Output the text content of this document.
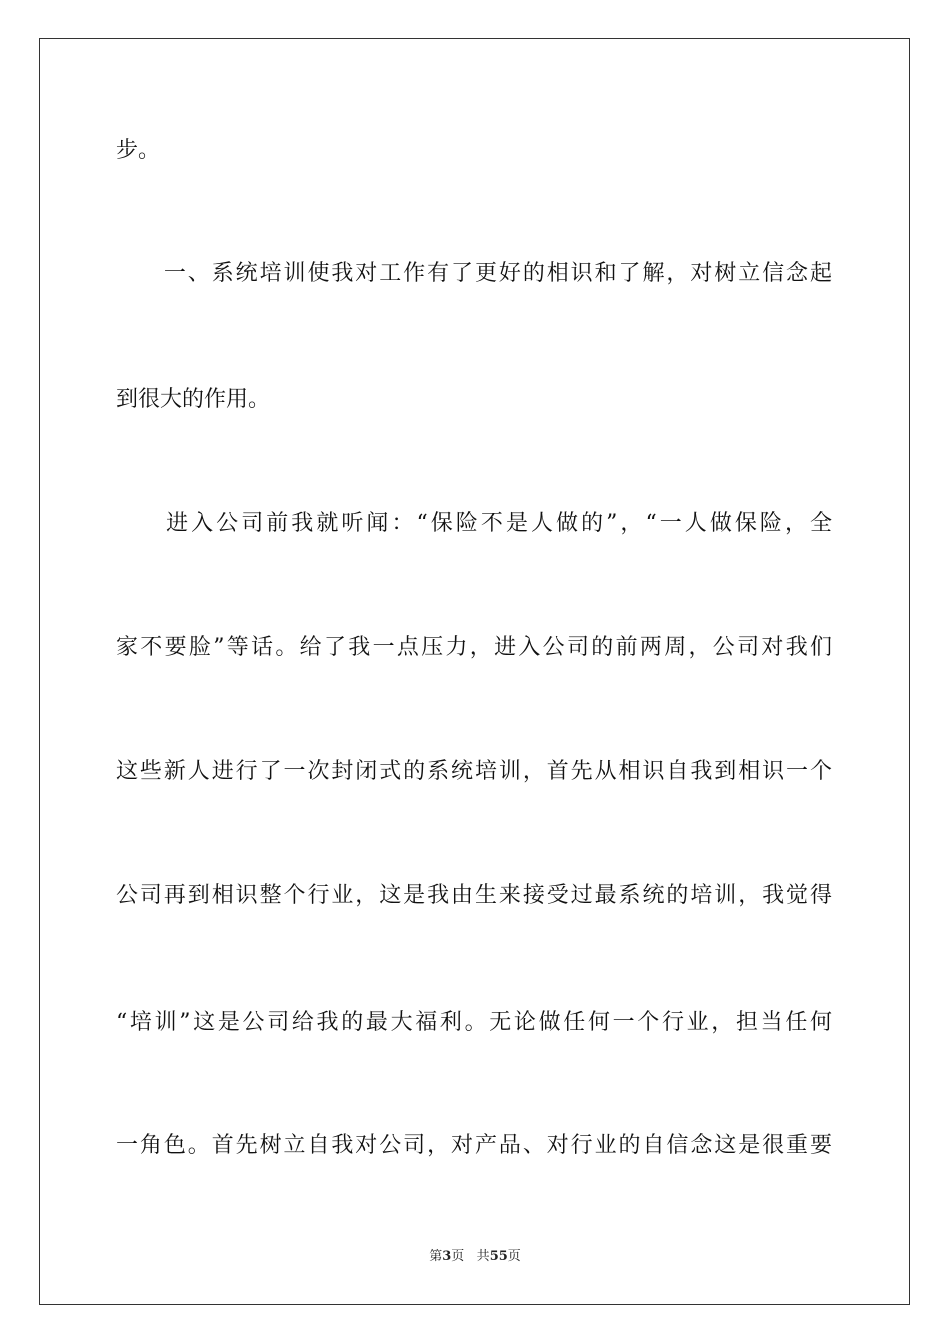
步。
　　一、系统培训使我对工作有了更好的相识和了解，对树立信念起
到很大的作用。
　　进入公司前我就听闻：“保险不是人做的”，“一人做保险，全
家不要脸”等话。给了我一点压力，进入公司的前两周，公司对我们
这些新人进行了一次封闭式的系统培训，首先从相识自我到相识一个
公司再到相识整个行业，这是我由生来接受过最系统的培训，我觉得
“培训”这是公司给我的最大福利。无论做任何一个行业，担当任何
一角色。首先树立自我对公司，对产品、对行业的自信念这是很重要
第3页 共55页
